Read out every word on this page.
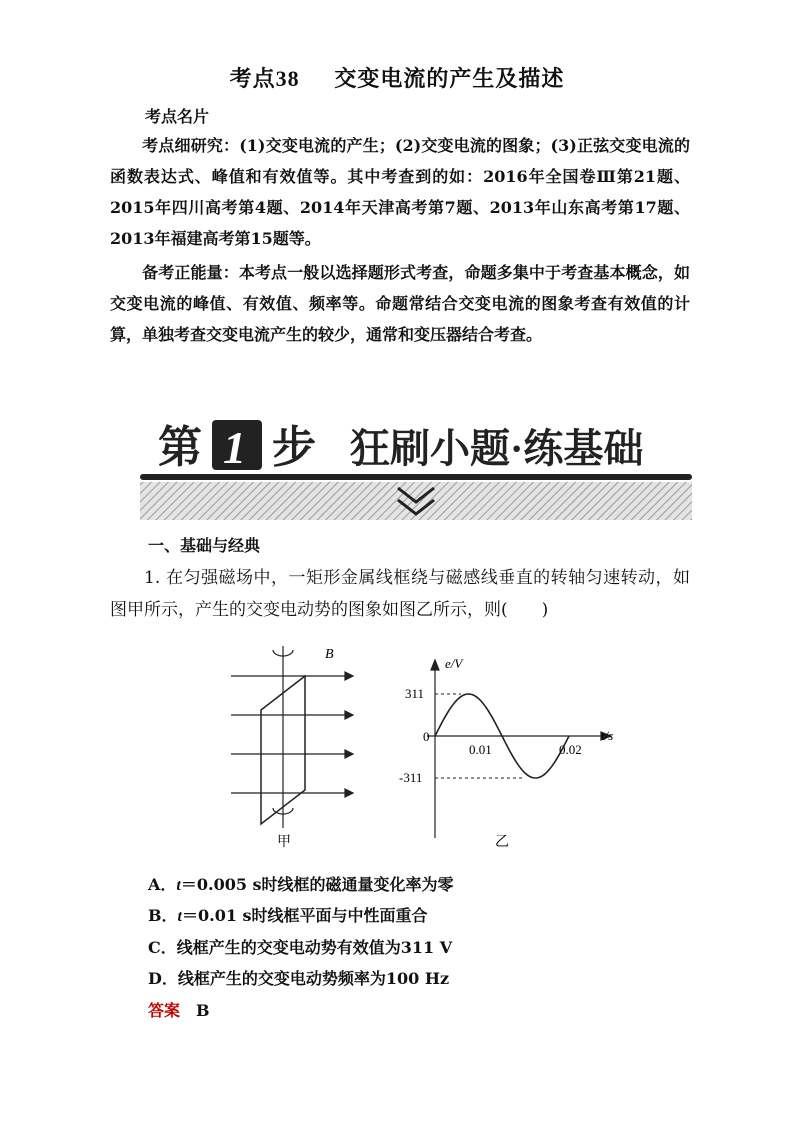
考点38 交变电流的产生及描述
考点名片
  考点细研究：(1)交变电流的产生；(2)交变电流的图象；(3)正弦交变电流的函数表达式、峰值和有效值等。其中考查到的如：2016年全国卷Ⅲ第21题、2015年四川高考第4题、2014年天津高考第7题、2013年山东高考第17题、2013年福建高考第15题等。
  备考正能量：本考点一般以选择题形式考查，命题多集中于考查基本概念，如交变电流的峰值、有效值、频率等。命题常结合交变电流的图象考查有效值的计算，单独考查交变电流产生的较少，通常和变压器结合考查。
第 1 步 狂刷小题·练基础
一、基础与经典
  1. 在匀强磁场中，一矩形金属线框绕与磁感线垂直的转轴匀速转动，如图甲所示，产生的交变电动势的图象如图乙所示，则(　　)
B
甲
e/V
t/s
0
311
-311
0.01	0.02
乙
A．t＝0.005 s时线框的磁通量变化率为零
B．t＝0.01 s时线框平面与中性面重合
C．线框产生的交变电动势有效值为311 V
D．线框产生的交变电动势频率为100 Hz
答案 B
